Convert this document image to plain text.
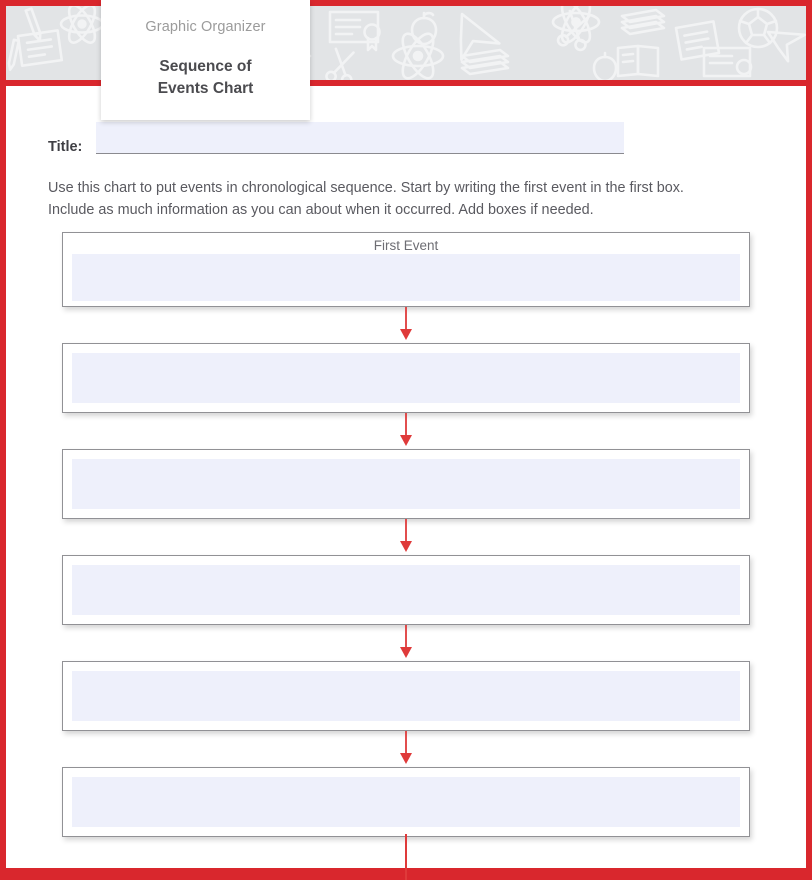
Graphic Organizer
Sequence of
Events Chart
Title:
Use this chart to put events in chronological sequence. Start by writing the first event in the first box.
Include as much information as you can about when it occurred. Add boxes if needed.
First Event
